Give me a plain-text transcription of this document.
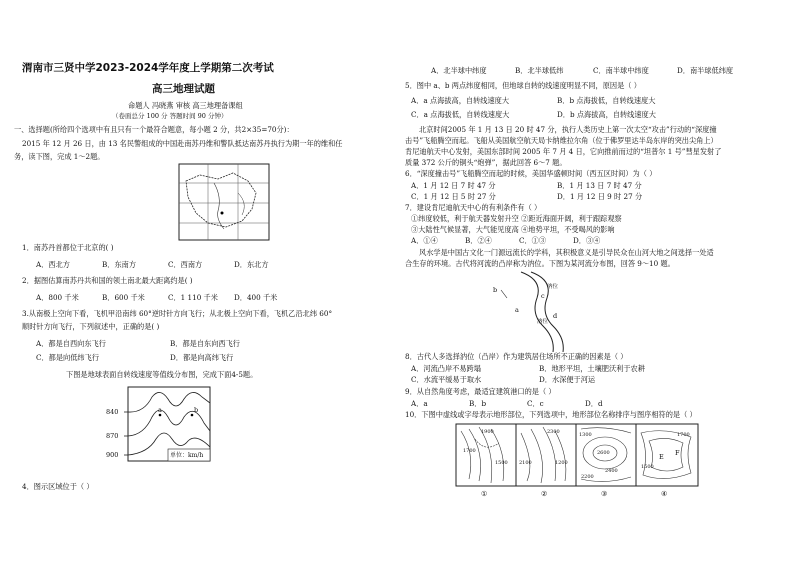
渭南市三贤中学2023-2024学年度上学期第二次考试
高三地理试题
命题人 冯晓燕 审核 高三地理备课组
（卷面总分 100 分 答题时间 90 分钟）
一、选择题(所给四个选项中有且只有一个最符合题意，每小题 2 分，共2×35=70分)：
2015 年 12 月 26 日，由 13 名民警组成的中国赴南苏丹维和警队抵达南苏丹执行为期一年的维和任
务，读下图，完成 1～2题。
1．南苏丹首都位于北京的( )
A．西北方	B．东南方	C．西南方	D．东北方
2．据图估算南苏丹共和国的领土南北最大距离约是( )
A．800 千米	B．600 千米	C．1 110 千米 D．400 千米
3.从南极上空向下看，飞机甲沿南纬 60°逆时针方向飞行；从北极上空向下看，飞机乙沿北纬 60°
顺时针方向飞行，下列叙述中，正确的是( )
A．都是自西向东飞行	B．都是自东向西飞行
C．都是向低纬飞行	D．都是向高纬飞行
下图是地球表面自转线速度等值线分布图，完成下面4-5题。
840
870
900
a	b
单位：km/h
4．图示区域位于（ ）
A．北半球中纬度	B．北半球低纬	C．南半球中纬度	D．南半球低纬度
5．图中 a、b 两点纬度相同，但地球自转的线速度明显不同，原因是（ ）
A．a 点海拔高，自转线速度大	B．b 点海拔低，自转线速度大
C．a 点海拔低，自转线速度大	D．b 点海拔高，自转线速度大
北京时间2005 年 1 月 13 日 20 时 47 分，执行人类历史上第一次太空“攻击”行动的“深度撞
击号”飞船腾空而起。飞船从美国航空航天局卡纳维拉尔角（位于佛罗里达半岛东岸的突出尖角上）
肯尼迪航天中心发射，美国东部时间 2005 年 7 月 4 日，它向推前而过的“坦普尔 1 号”彗星发射了
质量 372 公斤的铜头“炮弹”，据此回答 6～7 题。
6．“深度撞击号”飞船腾空而起的时候，美国华盛顿时间（西五区时间）为（ ）
A．1 月 12 日 7 时 47 分	B．1 月 13 日 7 时 47 分
C．1 月 12 日 5 时 27 分	D．1 月 12 日 9 时 27 分
7．建设肯尼迪航天中心的有利条件有（ ）
①纬度较低，利于航天器发射升空 ②距近海面开阔，利于跟踪观察
③大陆性气候显著，大气能见度高 ④地势平坦，不受喝风的影响
A．①④	B．②④	C．①③	D．③④
风水学是中国古文化一门源远流长的学科，其积极意义是引导民众在山河大地之间选择一处适
合生存的环境。古代将河流的凸岸称为汭位。下图为某河流分布图，回答 9～10 题。
b
c
a
d
汭位
汭位
8．古代人多选择汭位（凸岸）作为建筑居住场所不正确的因素是（ ）
A．河流凸岸不易跨塌	B．地形平坦，土壤肥沃利于农耕
C．水流平缓易于取水	D．水深便于河运
9．从自然角度考虑，最适宜建筑港口的是（ ）
A．a	B．b	C．c	D．d
10．下图中虚线或字母表示地形部位，下列选项中，地形部位名称排序与图序相符的是（ ）
1900
1700
1500
2300
2100	1200
1300
2600
2400
2200
1700
1500
F
E
①	②	③	④
